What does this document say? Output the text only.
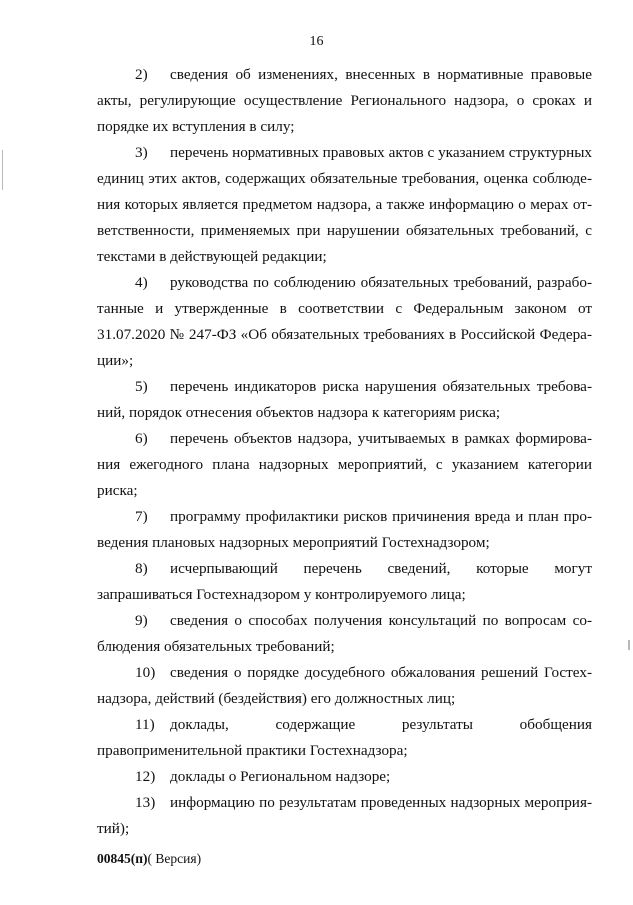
16

2) сведения об изменениях, внесенных в нормативные правовые акты, регулирующие осуществление Регионального надзора, о сроках и порядке их вступления в силу;

3) перечень нормативных правовых актов с указанием структурных единиц этих актов, содержащих обязательные требования, оценка соблюдения которых является предметом надзора, а также информацию о мерах ответственности, применяемых при нарушении обязательных требований, с текстами в действующей редакции;

4) руководства по соблюдению обязательных требований, разработанные и утвержденные в соответствии с Федеральным законом от 31.07.2020 № 247-ФЗ «Об обязательных требованиях в Российской Федерации»;

5) перечень индикаторов риска нарушения обязательных требований, порядок отнесения объектов надзора к категориям риска;

6) перечень объектов надзора, учитываемых в рамках формирования ежегодного плана надзорных мероприятий, с указанием категории риска;

7) программу профилактики рисков причинения вреда и план проведения плановых надзорных мероприятий Гостехнадзором;

8) исчерпывающий перечень сведений, которые могут запрашиваться Гостехнадзором у контролируемого лица;

9) сведения о способах получения консультаций по вопросам соблюдения обязательных требований;

10) сведения о порядке досудебного обжалования решений Гостехнадзора, действий (бездействия) его должностных лиц;

11) доклады, содержащие результаты обобщения правоприменительной практики Гостехнадзора;

12) доклады о Региональном надзоре;

13) информацию по результатам проведенных надзорных мероприятий);

00845(п)( Версия)
